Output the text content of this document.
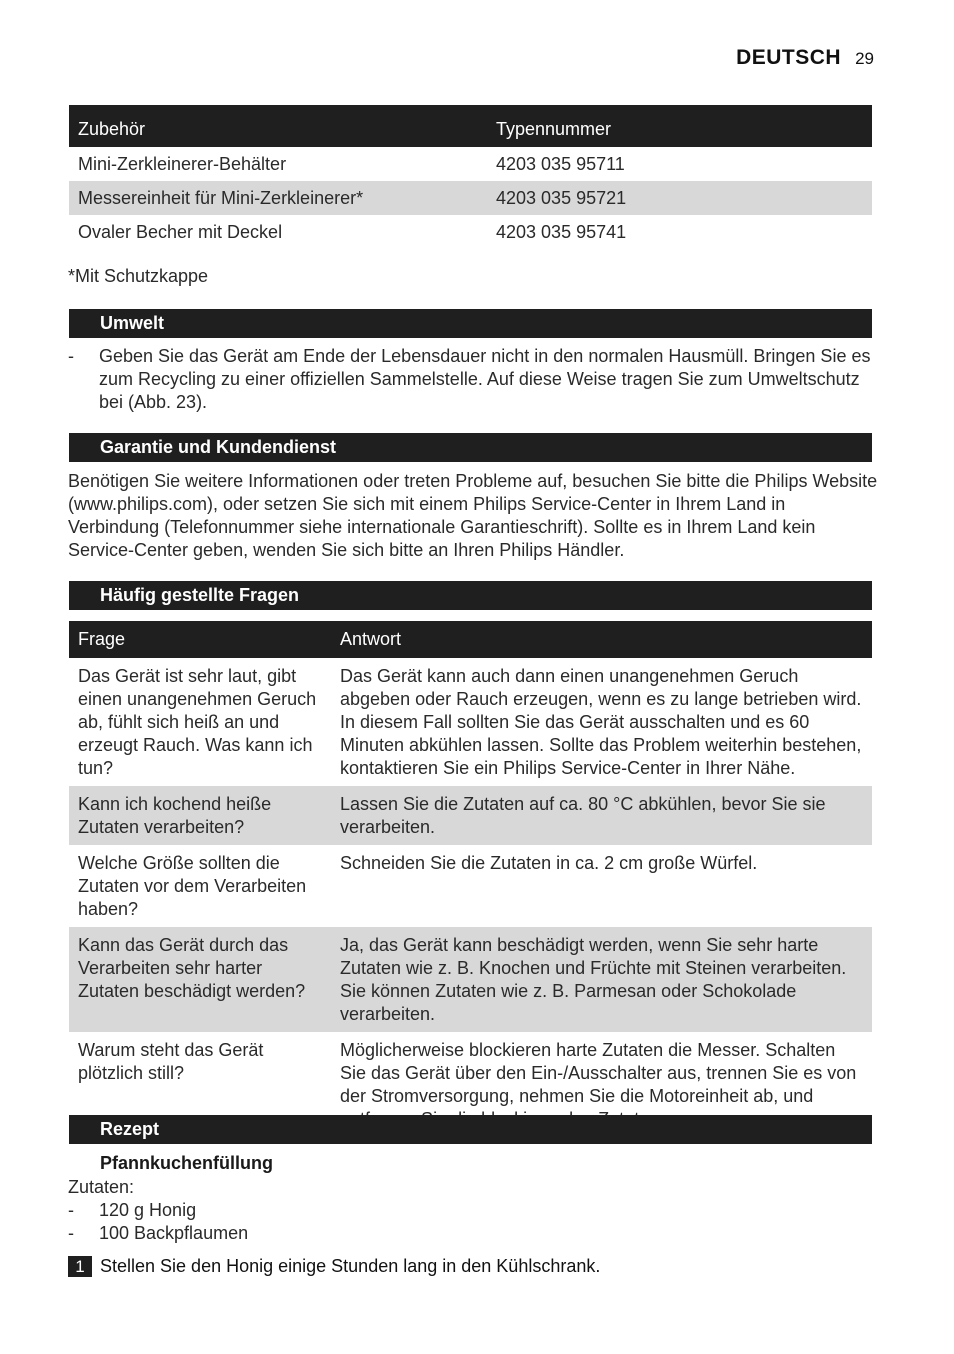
DEUTSCH 29
Zubehör	Typennummer
Mini-Zerkleinerer-Behälter	4203 035 95711
Messereinheit für Mini-Zerkleinerer*	4203 035 95721
Ovaler Becher mit Deckel	4203 035 95741
*Mit Schutzkappe
Umwelt
- Geben Sie das Gerät am Ende der Lebensdauer nicht in den normalen Hausmüll. Bringen Sie es zum Recycling zu einer offiziellen Sammelstelle. Auf diese Weise tragen Sie zum Umweltschutz bei (Abb. 23).
Garantie und Kundendienst
Benötigen Sie weitere Informationen oder treten Probleme auf, besuchen Sie bitte die Philips Website (www.philips.com), oder setzen Sie sich mit einem Philips Service-Center in Ihrem Land in Verbindung (Telefonnummer siehe internationale Garantieschrift). Sollte es in Ihrem Land kein Service-Center geben, wenden Sie sich bitte an Ihren Philips Händler.
Häufig gestellte Fragen
Frage	Antwort
Das Gerät ist sehr laut, gibt einen unangenehmen Geruch ab, fühlt sich heiß an und erzeugt Rauch. Was kann ich tun?	Das Gerät kann auch dann einen unangenehmen Geruch abgeben oder Rauch erzeugen, wenn es zu lange betrieben wird. In diesem Fall sollten Sie das Gerät ausschalten und es 60 Minuten abkühlen lassen. Sollte das Problem weiterhin bestehen, kontaktieren Sie ein Philips Service-Center in Ihrer Nähe.
Kann ich kochend heiße Zutaten verarbeiten?	Lassen Sie die Zutaten auf ca. 80 °C abkühlen, bevor Sie sie verarbeiten.
Welche Größe sollten die Zutaten vor dem Verarbeiten haben?	Schneiden Sie die Zutaten in ca. 2 cm große Würfel.
Kann das Gerät durch das Verarbeiten sehr harter Zutaten beschädigt werden?	Ja, das Gerät kann beschädigt werden, wenn Sie sehr harte Zutaten wie z. B. Knochen und Früchte mit Steinen verarbeiten. Sie können Zutaten wie z. B. Parmesan oder Schokolade verarbeiten.
Warum steht das Gerät plötzlich still?	Möglicherweise blockieren harte Zutaten die Messer. Schalten Sie das Gerät über den Ein-/Ausschalter aus, trennen Sie es von der Stromversorgung, nehmen Sie die Motoreinheit ab, und
Rezept
Pfannkuchenfüllung
Zutaten:
- 120 g Honig
- 100 Backpflaumen
1 Stellen Sie den Honig einige Stunden lang in den Kühlschrank.
